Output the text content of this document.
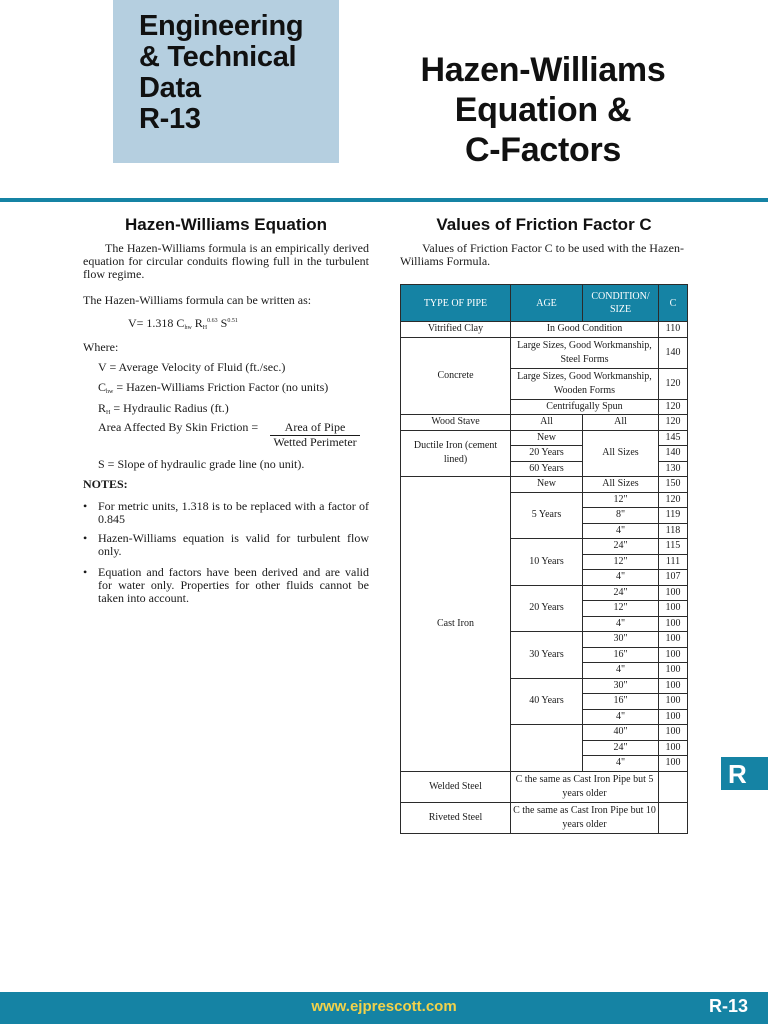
Engineering
& Technical
Data
R-13
Hazen-Williams
Equation &
C-Factors
Hazen-Williams Equation
The Hazen-Williams formula is an empirically derived equation for circular conduits flowing full in the turbulent flow regime.
The Hazen-Williams formula can be written as:
V= 1.318 $C_{hw}$ $R_H^{0.63}$ $S^{0.51}$
Where:
V = Average Velocity of Fluid (ft./sec.)
$C_{hw}$ = Hazen-Williams Friction Factor (no units)
$R_H$ = Hydraulic Radius (ft.)
Area Affected By Skin Friction =	Area of Pipe
Wetted Perimeter
S = Slope of hydraulic grade line (no unit).
NOTES:
• For metric units, 1.318 is to be replaced with a factor of 0.845
• Hazen-Williams equation is valid for turbulent flow only.
• Equation and factors have been derived and are valid for water only. Properties for other fluids cannot be taken into account.
Values of Friction Factor C
Values of Friction Factor C to be used with the Hazen-Williams Formula.
TYPE OF PIPE	AGE	CONDITION/ SIZE	C
Vitrified Clay	In Good Condition		110
Concrete	Large Sizes, Good Workmanship, Steel Forms		140
	Large Sizes, Good Workmanship, Wooden Forms		120
	Centrifugally Spun		120
Wood Stave	All	All	120
Ductile Iron (cement lined)	New	All Sizes	145
	20 Years		140
	60 Years		130
Cast Iron	New	All Sizes	150
	5 Years	12"	120
		8"	119
		4"	118
	10 Years	24"	115
		12"	111
		4"	107
	20 Years	24"	100
		12"	100
		4"	100
	30 Years	30"	100
		16"	100
		4"	100
	40 Years	30"	100
		16"	100
		4"	100
		40"	100
		24"	100
		4"	100
Welded Steel	C the same as Cast Iron Pipe but 5 years older		
Riveted Steel	C the same as Cast Iron Pipe but 10 years older		
R
www.ejprescott.com	R-13
